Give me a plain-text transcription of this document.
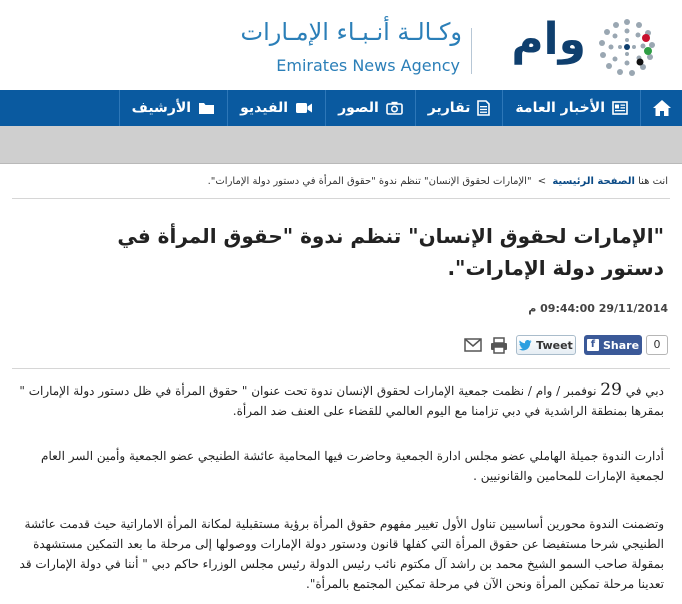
وام
وكـالـة أنـبـاء الإمـارات
Emirates News Agency
الأخبار العامة
تقارير
الصور
الفيديو
الأرشيف
انت هنا الصفحة الرئيسية > "الإمارات لحقوق الإنسان" تنظم ندوة "حقوق المرأة في دستور دولة الإمارات".
"الإمارات لحقوق الإنسان" تنظم ندوة "حقوق المرأة في دستور دولة الإمارات".
29/11/2014 09:44:00 م
0
f Share
Tweet

دبي في 29 نوفمبر / وام / نظمت جمعية الإمارات لحقوق الإنسان ندوة تحت عنوان " حقوق المرأة في ظل دستور دولة الإمارات " بمقرها بمنطقة الراشدية في دبي تزامنا مع اليوم العالمي للقضاء على العنف ضد المرأة.

أدارت الندوة جميلة الهاملي عضو مجلس ادارة الجمعية وحاضرت فيها المحامية عائشة الطنيجي عضو الجمعية وأمين السر العام لجمعية الإمارات للمحامين والقانونيين .

وتضمنت الندوة محورين أساسيين تناول الأول تغيير مفهوم حقوق المرأة برؤية مستقبلية لمكانة المرأة الاماراتية حيث قدمت عائشة الطنيجي شرحا مستفيضا عن حقوق المرأة التي كفلها قانون ودستور دولة الإمارات ووصولها إلى مرحلة ما بعد التمكين مستشهدة بمقولة صاحب السمو الشيخ محمد بن راشد آل مكتوم نائب رئيس الدولة رئيس مجلس الوزراء حاكم دبي " أننا في دولة الإمارات قد تعدينا مرحلة تمكين المرأة ونحن الآن في مرحلة تمكين المجتمع بالمرأة".
